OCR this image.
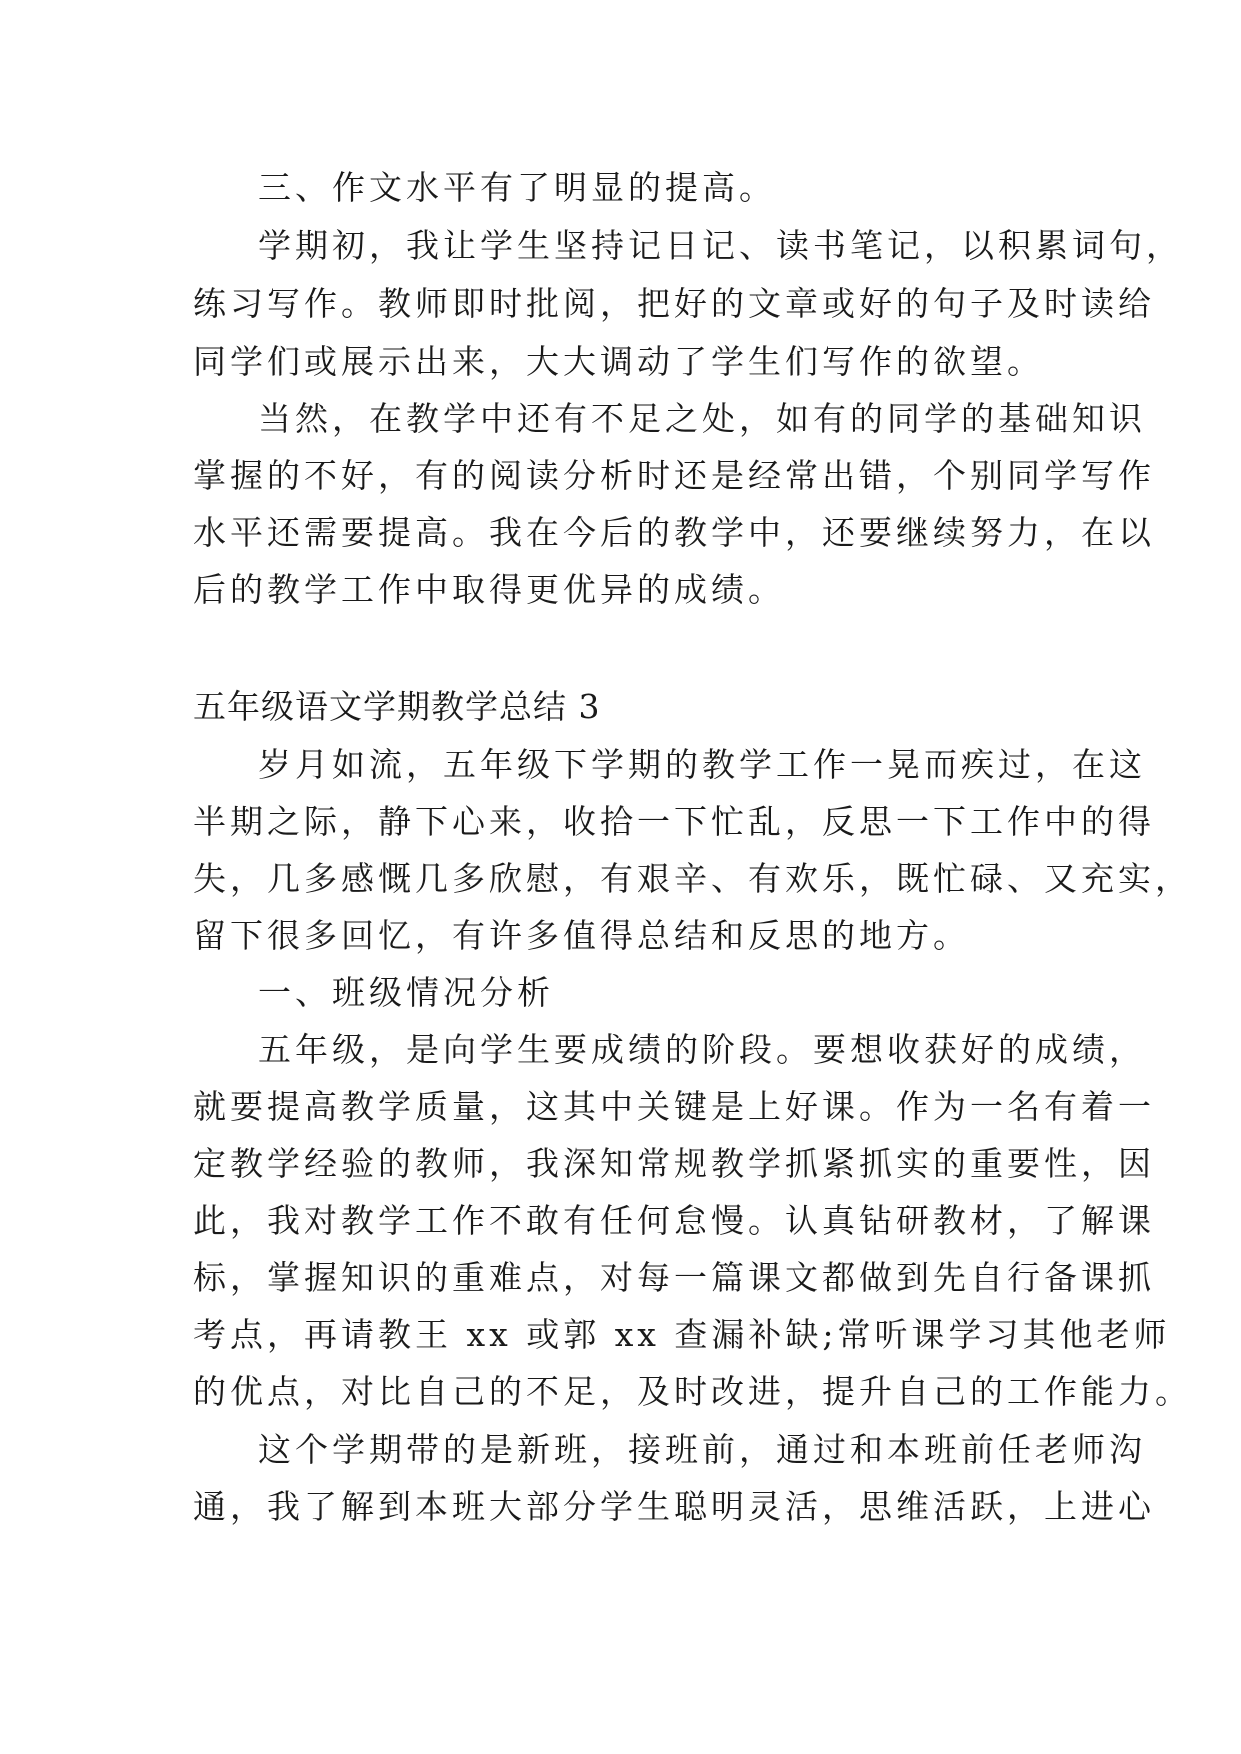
三、作文水平有了明显的提高。

学期初，我让学生坚持记日记、读书笔记，以积累词句，

练习写作。教师即时批阅，把好的文章或好的句子及时读给

同学们或展示出来，大大调动了学生们写作的欲望。

当然，在教学中还有不足之处，如有的同学的基础知识

掌握的不好，有的阅读分析时还是经常出错，个别同学写作

水平还需要提高。我在今后的教学中，还要继续努力，在以

后的教学工作中取得更优异的成绩。

五年级语文学期教学总结 3

岁月如流，五年级下学期的教学工作一晃而疾过，在这

半期之际，静下心来，收拾一下忙乱，反思一下工作中的得

失，几多感慨几多欣慰，有艰辛、有欢乐，既忙碌、又充实，

留下很多回忆，有许多值得总结和反思的地方。

一、班级情况分析

五年级，是向学生要成绩的阶段。要想收获好的成绩，

就要提高教学质量，这其中关键是上好课。作为一名有着一

定教学经验的教师，我深知常规教学抓紧抓实的重要性，因

此，我对教学工作不敢有任何怠慢。认真钻研教材，了解课

标，掌握知识的重难点，对每一篇课文都做到先自行备课抓

考点，再请教王 xx 或郭 xx 查漏补缺;常听课学习其他老师

的优点，对比自己的不足，及时改进，提升自己的工作能力。

这个学期带的是新班，接班前，通过和本班前任老师沟

通，我了解到本班大部分学生聪明灵活，思维活跃，上进心
